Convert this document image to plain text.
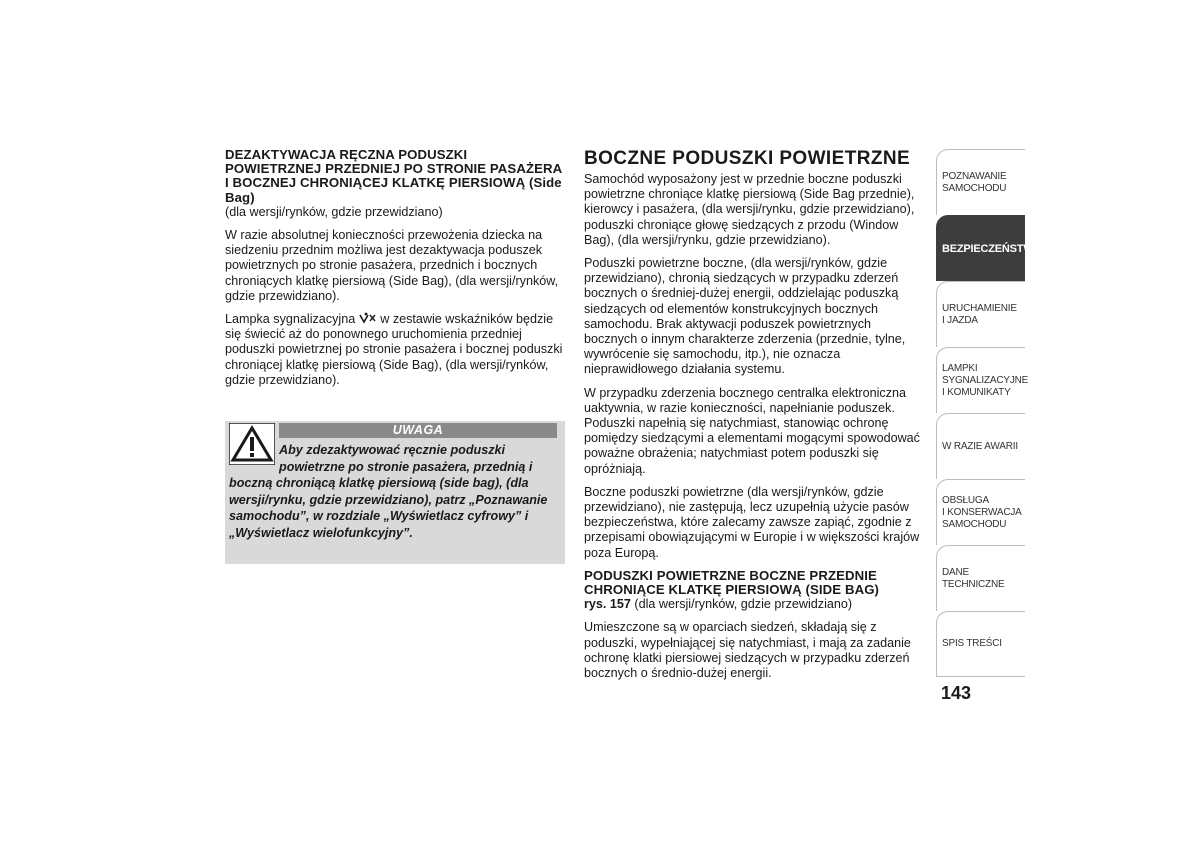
DEZAKTYWACJA RĘCZNA PODUSZKI POWIETRZNEJ PRZEDNIEJ PO STRONIE PASAŻERA I BOCZNEJ CHRONIĄCEJ KLATKĘ PIERSIOWĄ (Side Bag)
(dla wersji/rynków, gdzie przewidziano)

W razie absolutnej konieczności przewożenia dziecka na siedzeniu przednim możliwa jest dezaktywacja poduszek powietrznych po stronie pasażera, przednich i bocznych chroniących klatkę piersiową (Side Bag), (dla wersji/rynków, gdzie przewidziano).

Lampka sygnalizacyjna  w zestawie wskaźników będzie się świecić aż do ponownego uruchomienia przedniej poduszki powietrznej po stronie pasażera i bocznej poduszki chroniącej klatkę piersiową (Side Bag), (dla wersji/rynków, gdzie przewidziano).

UWAGA
Aby zdezaktywować ręcznie poduszki powietrzne po stronie pasażera, przednią i boczną chroniącą klatkę piersiową (side bag), (dla wersji/rynku, gdzie przewidziano), patrz „Poznawanie samochodu”, w rozdziale „Wyświetlacz cyfrowy” i „Wyświetlacz wielofunkcyjny”.
BOCZNE PODUSZKI POWIETRZNE

Samochód wyposażony jest w przednie boczne poduszki powietrzne chroniące klatkę piersiową (Side Bag przednie), kierowcy i pasażera, (dla wersji/rynku, gdzie przewidziano), poduszki chroniące głowę siedzących z przodu (Window Bag), (dla wersji/rynku, gdzie przewidziano).

Poduszki powietrzne boczne, (dla wersji/rynków, gdzie przewidziano), chronią siedzących w przypadku zderzeń bocznych o średniej-dużej energii, oddzielając poduszką siedzących od elementów konstrukcyjnych bocznych samochodu. Brak aktywacji poduszek powietrznych bocznych o innym charakterze zderzenia (przednie, tylne, wywrócenie się samochodu, itp.), nie oznacza nieprawidłowego działania systemu.

W przypadku zderzenia bocznego centralka elektroniczna uaktywnia, w razie konieczności, napełnianie poduszek. Poduszki napełnią się natychmiast, stanowiąc ochronę pomiędzy siedzącymi a elementami mogącymi spowodować poważne obrażenia; natychmiast potem poduszki się opróżniają.

Boczne poduszki powietrzne (dla wersji/rynków, gdzie przewidziano), nie zastępują, lecz uzupełnią użycie pasów bezpieczeństwa, które zalecamy zawsze zapiąć, zgodnie z przepisami obowiązującymi w Europie i w większości krajów poza Europą.

PODUSZKI POWIETRZNE BOCZNE PRZEDNIE CHRONIĄCE KLATKĘ PIERSIOWĄ (SIDE BAG)

rys. 157 (dla wersji/rynków, gdzie przewidziano)

Umieszczone są w oparciach siedzeń, składają się z poduszki, wypełniającej się natychmiast, i mają za zadanie ochronę klatki piersiowej siedzących w przypadku zderzeń bocznych o średnio-dużej energii.

POZNAWANIE
SAMOCHODU
BEZPIECZEŃSTWO
URUCHAMIENIE
I JAZDA
LAMPKI
SYGNALIZACYJNE
I KOMUNIKATY
W RAZIE AWARII
OBSŁUGA
I KONSERWACJA
SAMOCHODU
DANE TECHNICZNE
SPIS TREŚCI
143
